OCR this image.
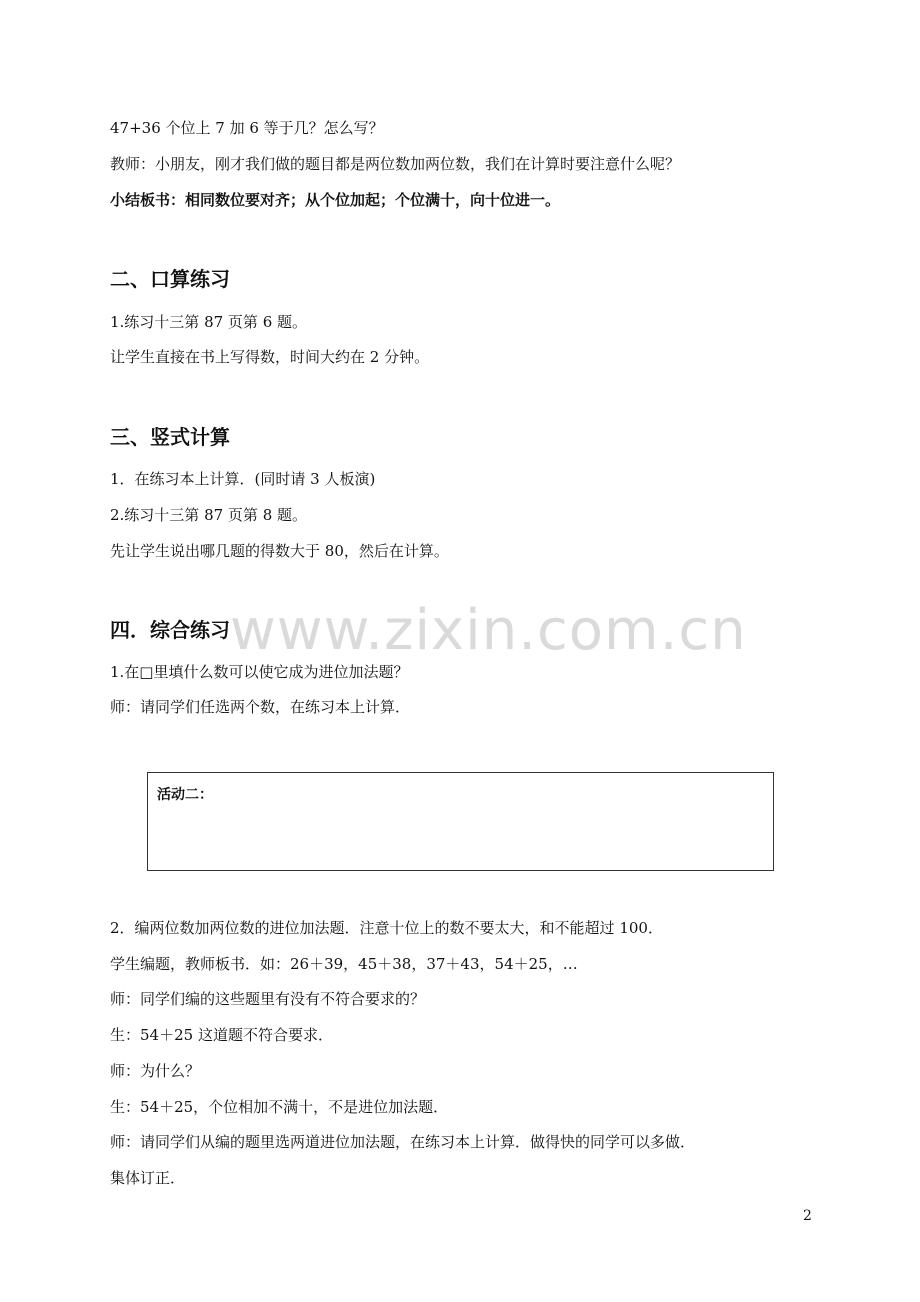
47+36 个位上 7 加 6 等于几？怎么写？
教师：小朋友，刚才我们做的题目都是两位数加两位数，我们在计算时要注意什么呢？
小结板书：相同数位要对齐；从个位加起；个位满十，向十位进一。
二、口算练习
1.练习十三第 87 页第 6 题。
让学生直接在书上写得数，时间大约在 2 分钟。
三、竖式计算
1．在练习本上计算．(同时请 3 人板演)
2.练习十三第 87 页第 8 题。
先让学生说出哪几题的得数大于 80，然后在计算。
四．综合练习
1.在□里填什么数可以使它成为进位加法题？
师：请同学们任选两个数，在练习本上计算．
活动二：
2．编两位数加两位数的进位加法题．注意十位上的数不要太大，和不能超过 100．
学生编题，教师板书．如：26＋39，45＋38，37＋43，54＋25，…
师：同学们编的这些题里有没有不符合要求的？
生：54＋25 这道题不符合要求．
师：为什么？
生：54＋25，个位相加不满十，不是进位加法题．
师：请同学们从编的题里选两道进位加法题，在练习本上计算．做得快的同学可以多做．
集体订正．
www.zixin.com.cn
2
